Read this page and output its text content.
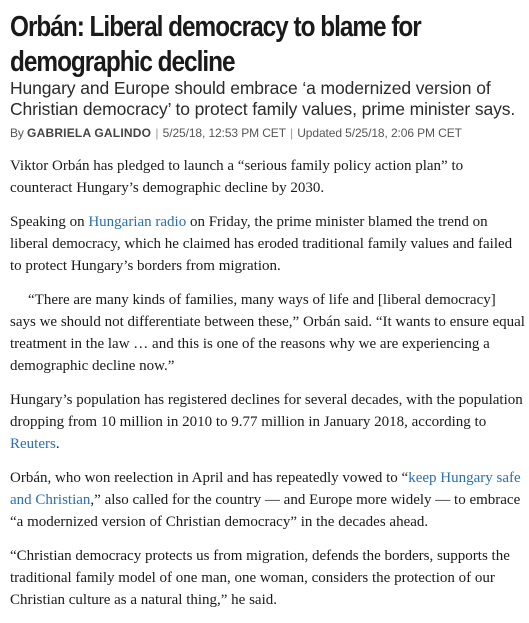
Orbán: Liberal democracy to blame for demographic decline
Hungary and Europe should embrace ‘a modernized version of Christian democracy’ to protect family values, prime minister says.
By GABRIELA GALINDO | 5/25/18, 12:53 PM CET | Updated 5/25/18, 2:06 PM CET

Viktor Orbán has pledged to launch a “serious family policy action plan” to counteract Hungary’s demographic decline by 2030.

Speaking on Hungarian radio on Friday, the prime minister blamed the trend on liberal democracy, which he claimed has eroded traditional family values and failed to protect Hungary’s borders from migration.

“There are many kinds of families, many ways of life and [liberal democracy] says we should not differentiate between these,” Orbán said. “It wants to ensure equal treatment in the law … and this is one of the reasons why we are experiencing a demographic decline now.”

Hungary’s population has registered declines for several decades, with the population dropping from 10 million in 2010 to 9.77 million in January 2018, according to Reuters.

Orbán, who won reelection in April and has repeatedly vowed to “keep Hungary safe and Christian,” also called for the country — and Europe more widely — to embrace “a modernized version of Christian democracy” in the decades ahead.

“Christian democracy protects us from migration, defends the borders, supports the traditional family model of one man, one woman, considers the protection of our Christian culture as a natural thing,” he said.
